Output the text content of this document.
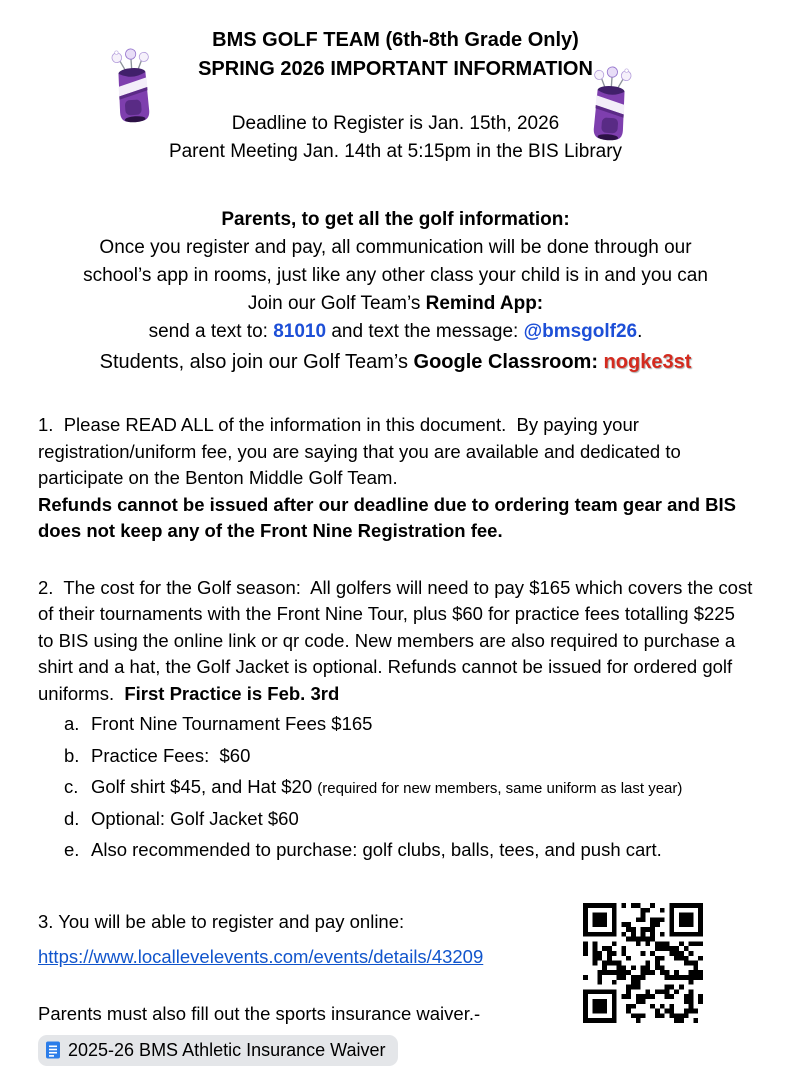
BMS GOLF TEAM (6th-8th Grade Only)
SPRING 2026 IMPORTANT INFORMATION
Deadline to Register is Jan. 15th, 2026
Parent Meeting Jan. 14th at 5:15pm in the BIS Library
Parents, to get all the golf information:
Once you register and pay, all communication will be done through our
school’s app in rooms, just like any other class your child is in and you can
Join our Golf Team’s Remind App:
send a text to: 81010 and text the message: @bmsgolf26.
Students, also join our Golf Team’s Google Classroom: nogke3st
1.  Please READ ALL of the information in this document.  By paying your registration/uniform fee, you are saying that you are available and dedicated to participate on the Benton Middle Golf Team.
Refunds cannot be issued after our deadline due to ordering team gear and BIS does not keep any of the Front Nine Registration fee.
2.  The cost for the Golf season:  All golfers will need to pay $165 which covers the cost of their tournaments with the Front Nine Tour, plus $60 for practice fees totalling $225 to BIS using the online link or qr code. New members are also required to purchase a shirt and a hat, the Golf Jacket is optional. Refunds cannot be issued for ordered golf uniforms.  First Practice is Feb. 3rd
a. Front Nine Tournament Fees $165
b. Practice Fees:  $60
c. Golf shirt $45, and Hat $20 (required for new members, same uniform as last year)
d. Optional: Golf Jacket $60
e. Also recommended to purchase: golf clubs, balls, tees, and push cart.
3. You will be able to register and pay online:
https://www.locallevelevents.com/events/details/43209
Parents must also fill out the sports insurance waiver.-
2025-26 BMS Athletic Insurance Waiver
